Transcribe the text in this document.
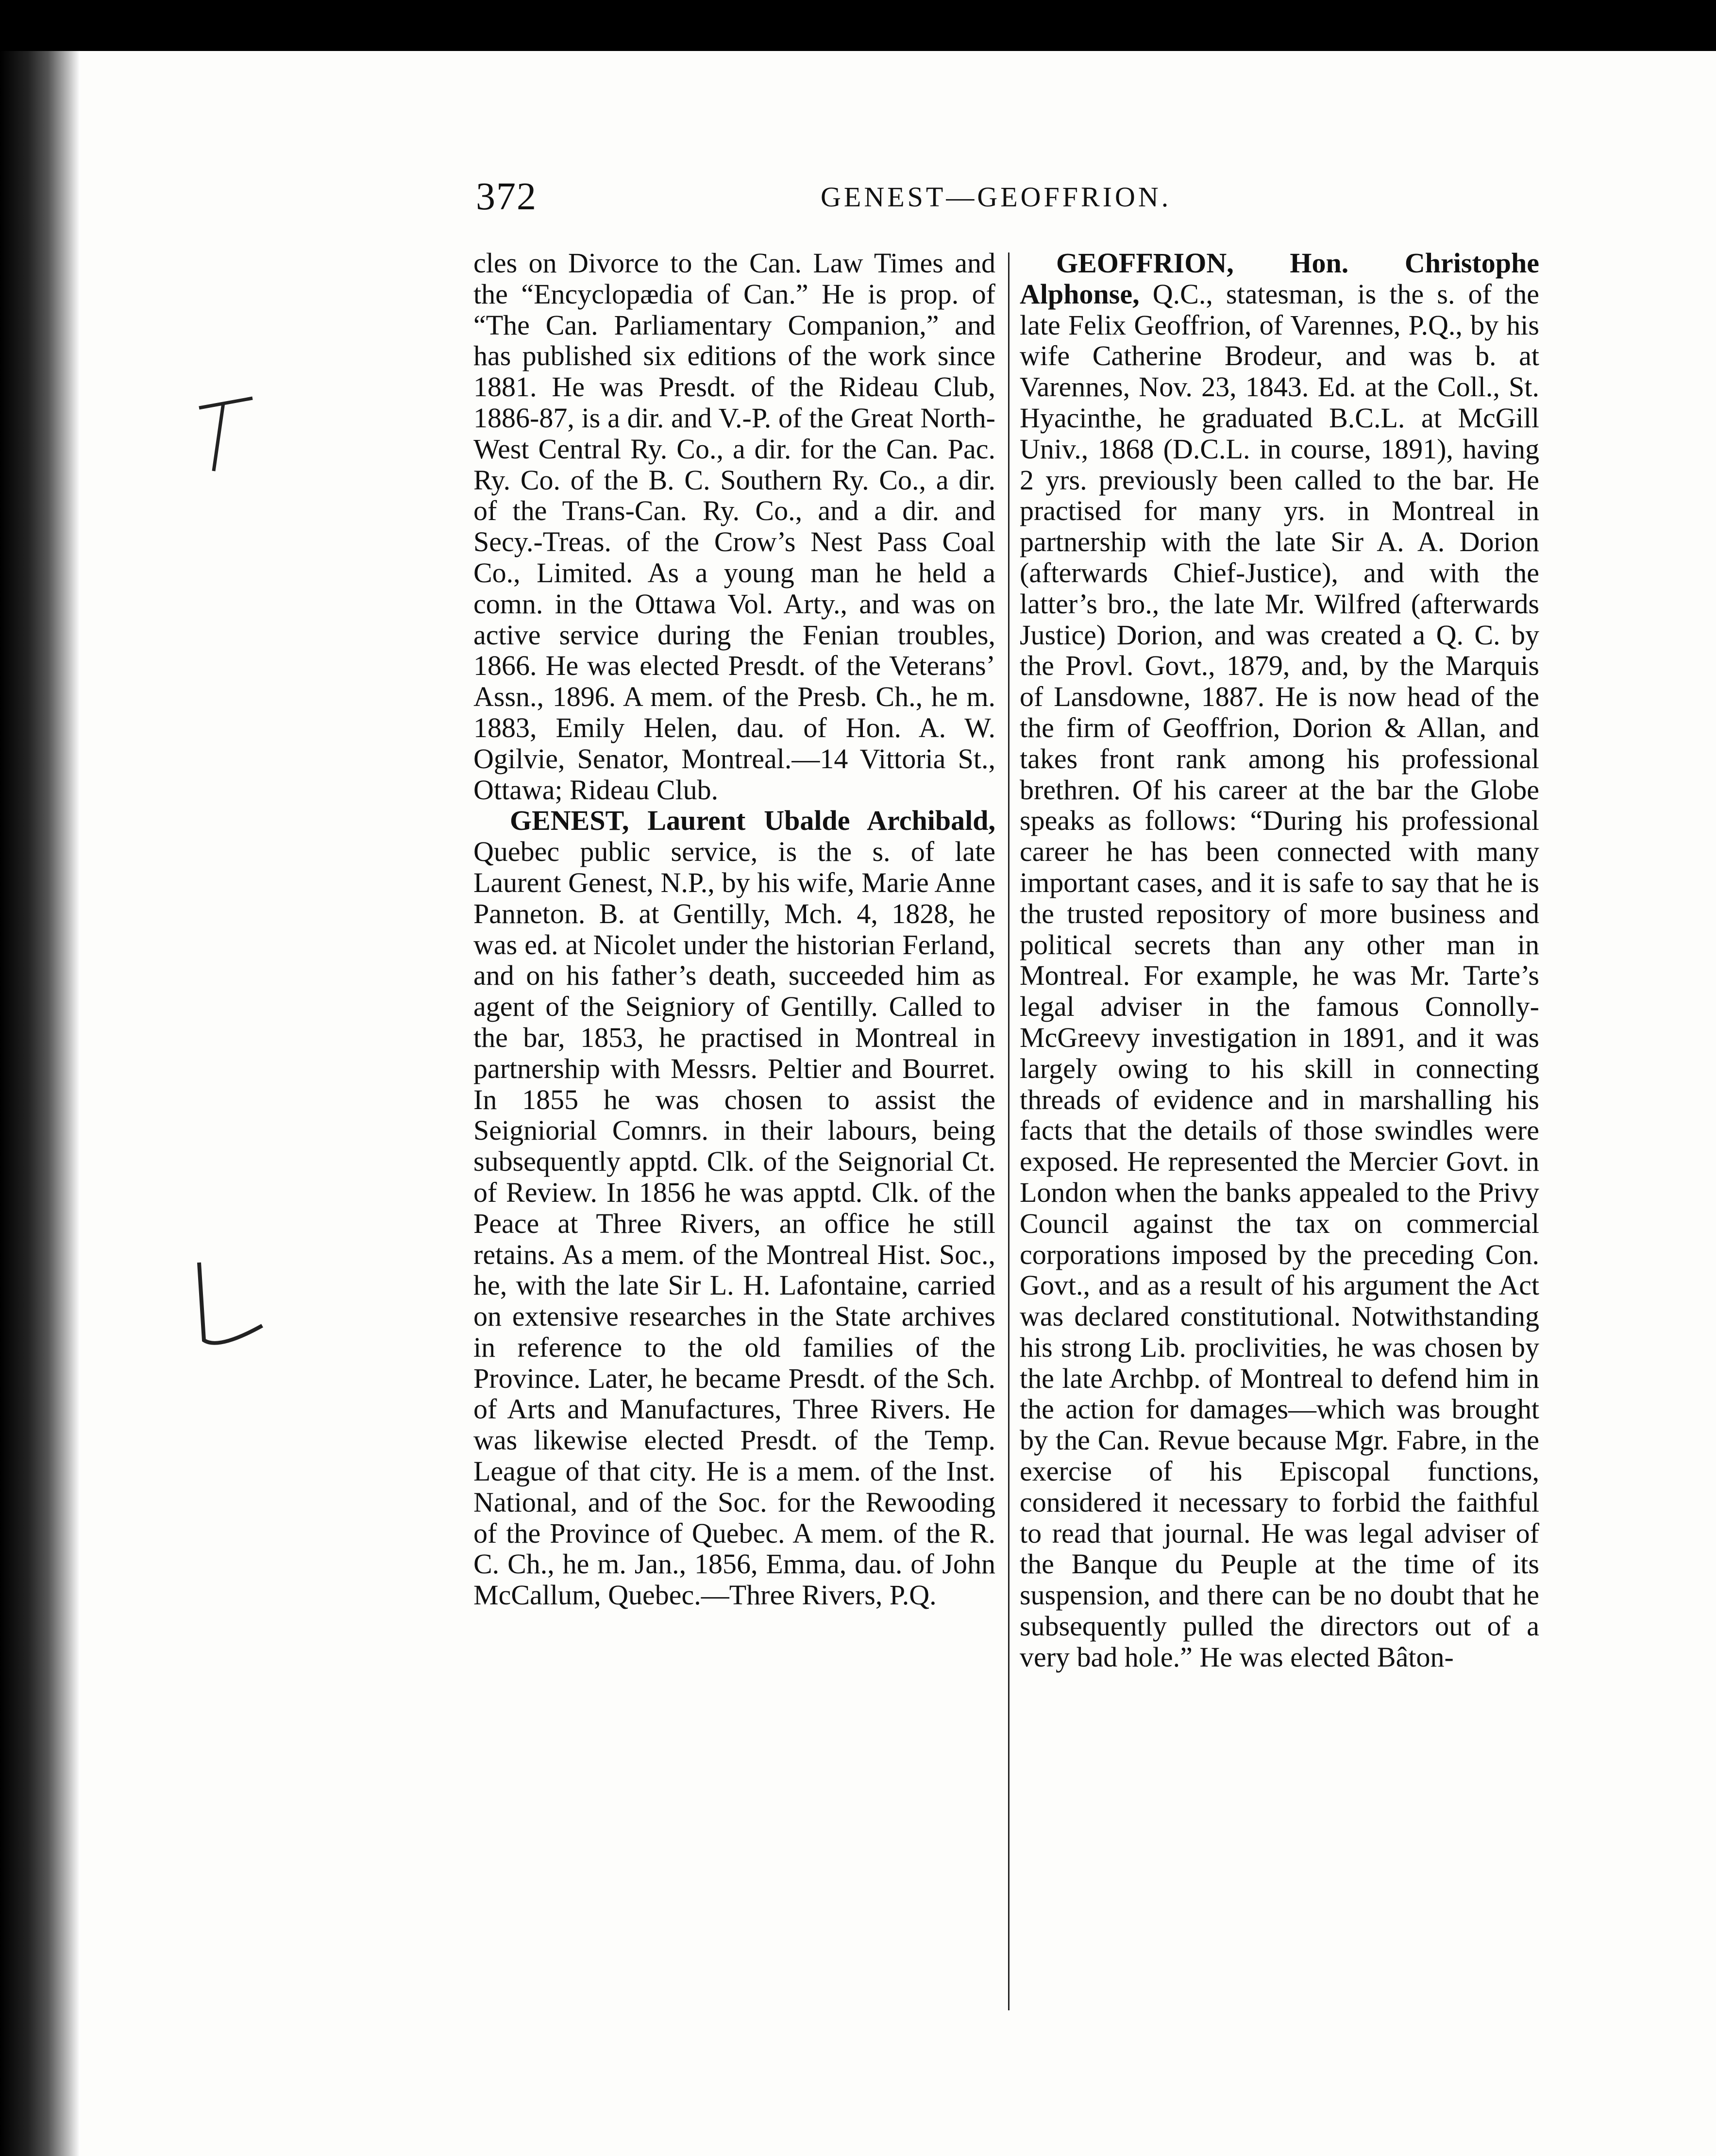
372	GENEST—GEOFFRION.

cles on Divorce to the Can. Law Times and the “Encyclopædia of Can.” He is prop. of “The Can. Parliamentary Companion,” and has published six editions of the work since 1881. He was Presdt. of the Rideau Club, 1886-87, is a dir. and V.-P. of the Great North-West Central Ry. Co., a dir. for the Can. Pac. Ry. Co. of the B. C. Southern Ry. Co., a dir. of the Trans-Can. Ry. Co., and a dir. and Secy.-Treas. of the Crow’s Nest Pass Coal Co., Limited. As a young man he held a comn. in the Ottawa Vol. Arty., and was on active service during the Fenian troubles, 1866. He was elected Presdt. of the Veterans’ Assn., 1896. A mem. of the Presb. Ch., he m. 1883, Emily Helen, dau. of Hon. A. W. Ogilvie, Senator, Montreal.—14 Vittoria St., Ottawa; Rideau Club.

GENEST, Laurent Ubalde Archibald, Quebec public service, is the s. of late Laurent Genest, N.P., by his wife, Marie Anne Panneton. B. at Gentilly, Mch. 4, 1828, he was ed. at Nicolet under the historian Ferland, and on his father’s death, succeeded him as agent of the Seigniory of Gentilly. Called to the bar, 1853, he practised in Montreal in partnership with Messrs. Peltier and Bourret. In 1855 he was chosen to assist the Seigniorial Comnrs. in their labours, being subsequently apptd. Clk. of the Seignorial Ct. of Review. In 1856 he was apptd. Clk. of the Peace at Three Rivers, an office he still retains. As a mem. of the Montreal Hist. Soc., he, with the late Sir L. H. Lafontaine, carried on extensive researches in the State archives in reference to the old families of the Province. Later, he became Presdt. of the Sch. of Arts and Manufactures, Three Rivers. He was likewise elected Presdt. of the Temp. League of that city. He is a mem. of the Inst. National, and of the Soc. for the Rewooding of the Province of Quebec. A mem. of the R. C. Ch., he m. Jan., 1856, Emma, dau. of John McCallum, Quebec.—Three Rivers, P.Q.

GEOFFRION, Hon. Christophe Alphonse, Q.C., statesman, is the s. of the late Felix Geoffrion, of Varennes, P.Q., by his wife Catherine Brodeur, and was b. at Varennes, Nov. 23, 1843. Ed. at the Coll., St. Hyacinthe, he graduated B.C.L. at McGill Univ., 1868 (D.C.L. in course, 1891), having 2 yrs. previously been called to the bar. He practised for many yrs. in Montreal in partnership with the late Sir A. A. Dorion (afterwards Chief-Justice), and with the latter’s bro., the late Mr. Wilfred (afterwards Justice) Dorion, and was created a Q. C. by the Provl. Govt., 1879, and, by the Marquis of Lansdowne, 1887. He is now head of the the firm of Geoffrion, Dorion & Allan, and takes front rank among his professional brethren. Of his career at the bar the Globe speaks as follows: “During his professional career he has been connected with many important cases, and it is safe to say that he is the trusted repository of more business and political secrets than any other man in Montreal. For example, he was Mr. Tarte’s legal adviser in the famous Connolly-McGreevy investigation in 1891, and it was largely owing to his skill in connecting threads of evidence and in marshalling his facts that the details of those swindles were exposed. He represented the Mercier Govt. in London when the banks appealed to the Privy Council against the tax on commercial corporations imposed by the preceding Con. Govt., and as a result of his argument the Act was declared constitutional. Notwithstanding his strong Lib. proclivities, he was chosen by the late Archbp. of Montreal to defend him in the action for damages—which was brought by the Can. Revue because Mgr. Fabre, in the exercise of his Episcopal functions, considered it necessary to forbid the faithful to read that journal. He was legal adviser of the Banque du Peuple at the time of its suspension, and there can be no doubt that he subsequently pulled the directors out of a very bad hole.” He was elected Bâton-
